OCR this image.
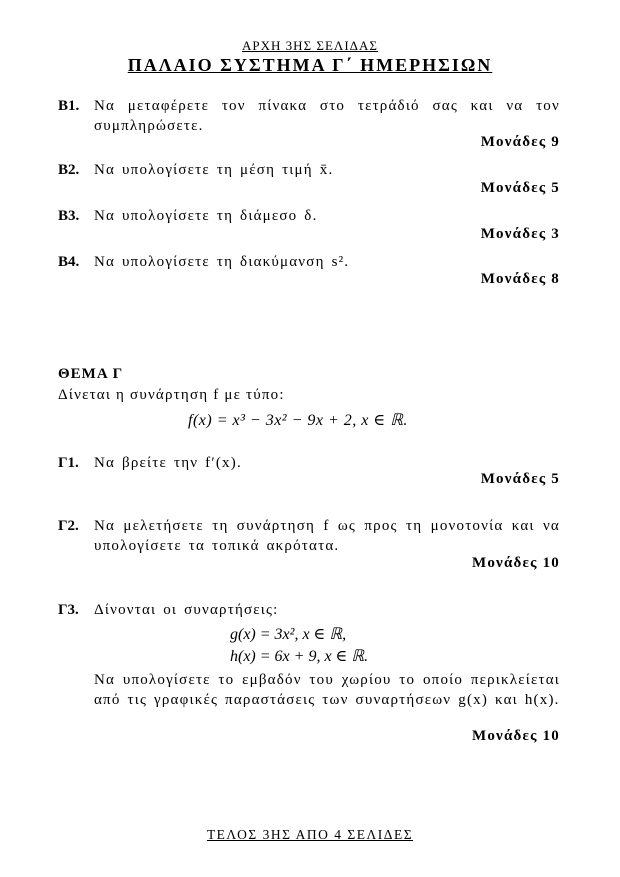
ΑΡΧΗ 3ΗΣ ΣΕΛΙΔΑΣ
ΠΑΛΑΙΟ ΣΥΣΤΗΜΑ Γ΄ ΗΜΕΡΗΣΙΩΝ
Β1. Να μεταφέρετε τον πίνακα στο τετράδιό σας και να τον συμπληρώσετε.
Μονάδες 9
Β2. Να υπολογίσετε τη μέση τιμή x̄.
Μονάδες 5
Β3. Να υπολογίσετε τη διάμεσο δ.
Μονάδες 3
Β4. Να υπολογίσετε τη διακύμανση s².
Μονάδες 8
ΘΕΜΑ Γ
Δίνεται η συνάρτηση f με τύπο:
f(x) = x³ − 3x² − 9x + 2, x ∈ ℝ.
Γ1. Να βρείτε την f′(x).
Μονάδες 5
Γ2. Να μελετήσετε τη συνάρτηση f ως προς τη μονοτονία και να υπολογίσετε τα τοπικά ακρότατα.
Μονάδες 10
Γ3. Δίνονται οι συναρτήσεις:
g(x) = 3x², x ∈ ℝ,
h(x) = 6x + 9, x ∈ ℝ.
Να υπολογίσετε το εμβαδόν του χωρίου το οποίο περικλείεται από τις γραφικές παραστάσεις των συναρτήσεων g(x) και h(x).
Μονάδες 10
ΤΕΛΟΣ 3ΗΣ ΑΠΟ 4 ΣΕΛΙΔΕΣ
